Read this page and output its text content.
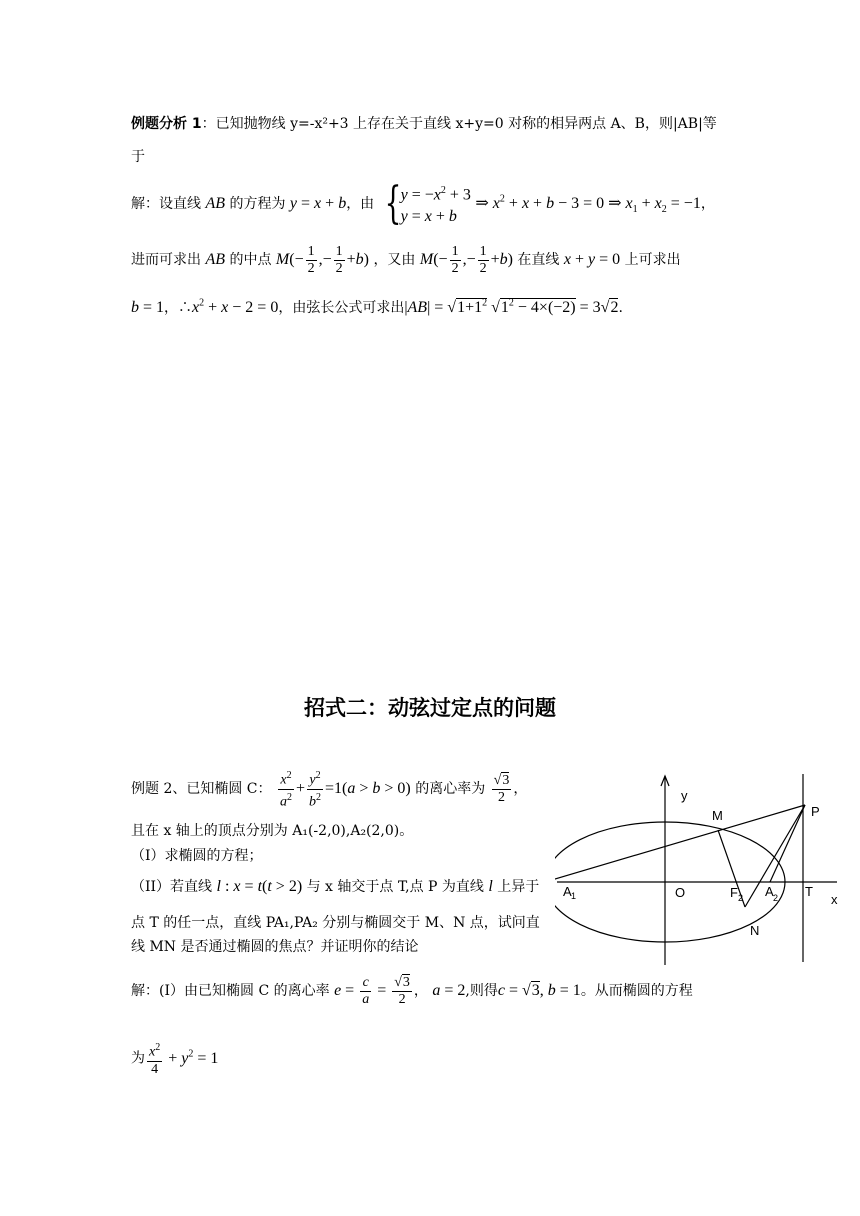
例题分析 1：已知抛物线 y=-x²+3 上存在关于直线 x+y=0 对称的相异两点 A、B，则|AB|等
于
解：设直线 AB 的方程为 y = x + b，由 { $y = -x^2 + 3$
y = x + b
⇒ $x^2 + x + b - 3 = 0$ ⇒ $x_1 + x_2 = -1$，
进而可求出 AB 的中点 $M(- \frac{1}{2}$ ,− $\frac{1}{2} +b$) ，又由 $M(- \frac{1}{2}$ ,− $\frac{1}{2} +b$) 在直线 x + y = 0 上可求出
b = 1，$\therefore x^2 + x - 2 = 0$，由弦长公式可求出$|AB| = √1+1^2$ $√1^2 - 4\times(-2) = 3√2$.
招式二：动弦过定点的问题
例题 2、已知椭圆 C： $\frac{x^2}{a^2} + \frac{y^2}{b^2} =1(a > b > 0)$ 的离心率为 $\frac{√3}{2}$ ，
且在 x 轴上的顶点分别为 A₁(-2,0),A₂(2,0)。
（I）求椭圆的方程；
（II）若直线 l : x = t(t > 2) 与 x 轴交于点 T,点 P 为直线 l 上异于
点 T 的任一点，直线 PA₁,PA₂ 分别与椭圆交于 M、N 点，试问直
线 MN 是否通过椭圆的焦点？并证明你的结论
解：(I）由已知椭圆 C 的离心率 $e = \frac{c}{a} = \frac{√3}{2}$ ， a = 2,则得c = √3, b = 1。从而椭圆的方程
为 $\frac{x^2}{4} + y^2 = 1$
y
M	P
O	F 2
A 1	A 2 T
x
N
